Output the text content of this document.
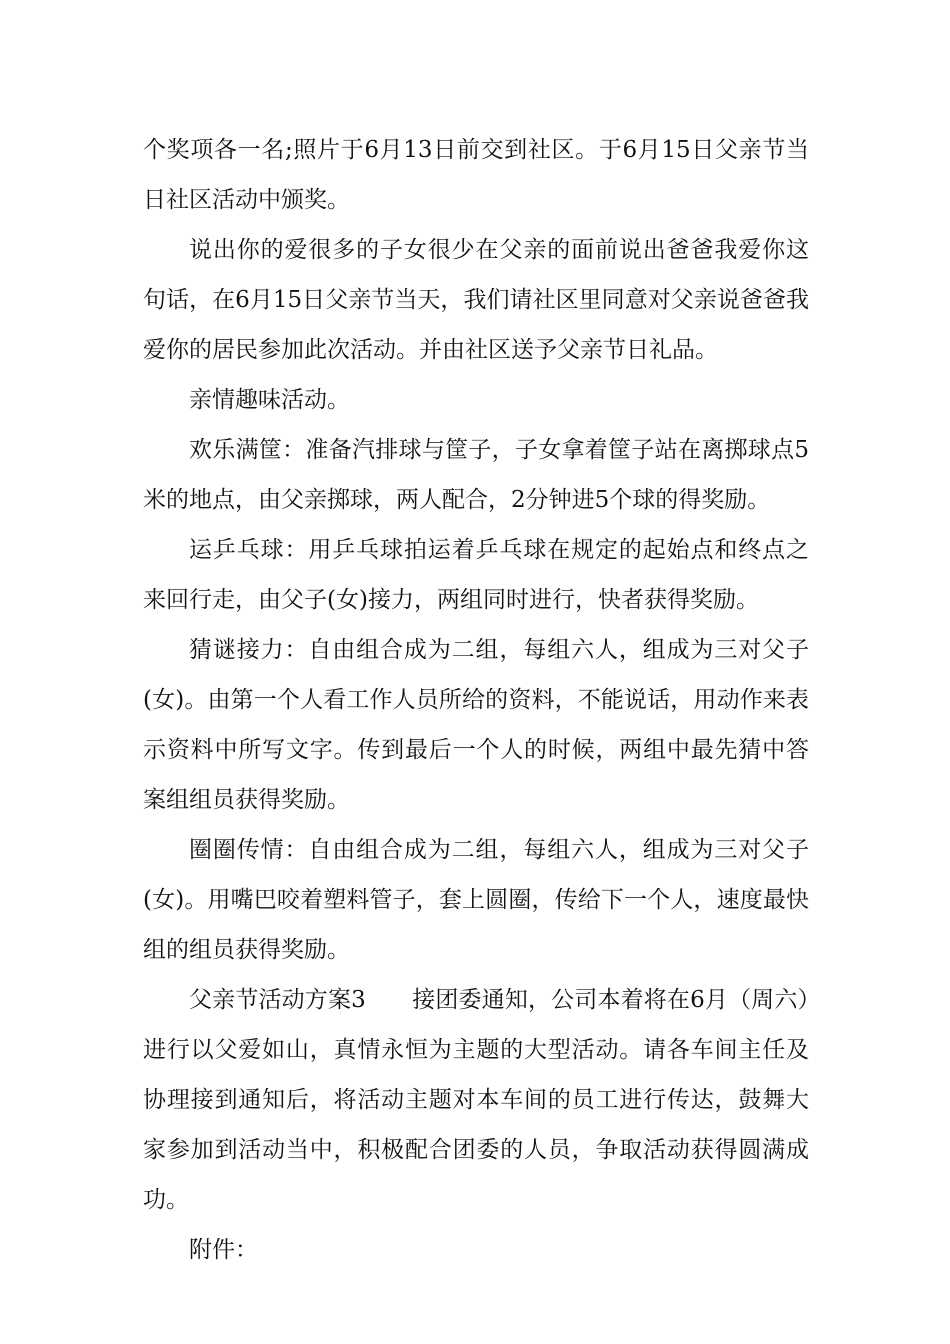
个奖项各一名;照片于6月13日前交到社区。于6月15日父亲节当日社区活动中颁奖。

说出你的爱很多的子女很少在父亲的面前说出爸爸我爱你这句话，在6月15日父亲节当天，我们请社区里同意对父亲说爸爸我爱你的居民参加此次活动。并由社区送予父亲节日礼品。

亲情趣味活动。

欢乐满筐：准备汽排球与筐子，子女拿着筐子站在离掷球点5米的地点，由父亲掷球，两人配合，2分钟进5个球的得奖励。

运乒乓球：用乒乓球拍运着乒乓球在规定的起始点和终点之来回行走，由父子(女)接力，两组同时进行，快者获得奖励。

猜谜接力：自由组合成为二组，每组六人，组成为三对父子(女)。由第一个人看工作人员所给的资料，不能说话，用动作来表示资料中所写文字。传到最后一个人的时候，两组中最先猜中答案组组员获得奖励。

圈圈传情：自由组合成为二组，每组六人，组成为三对父子(女)。用嘴巴咬着塑料管子，套上圆圈，传给下一个人，速度最快组的组员获得奖励。

父亲节活动方案3　　接团委通知，公司本着将在6月（周六）进行以父爱如山，真情永恒为主题的大型活动。请各车间主任及协理接到通知后，将活动主题对本车间的员工进行传达，鼓舞大家参加到活动当中，积极配合团委的人员，争取活动获得圆满成功。

附件：
